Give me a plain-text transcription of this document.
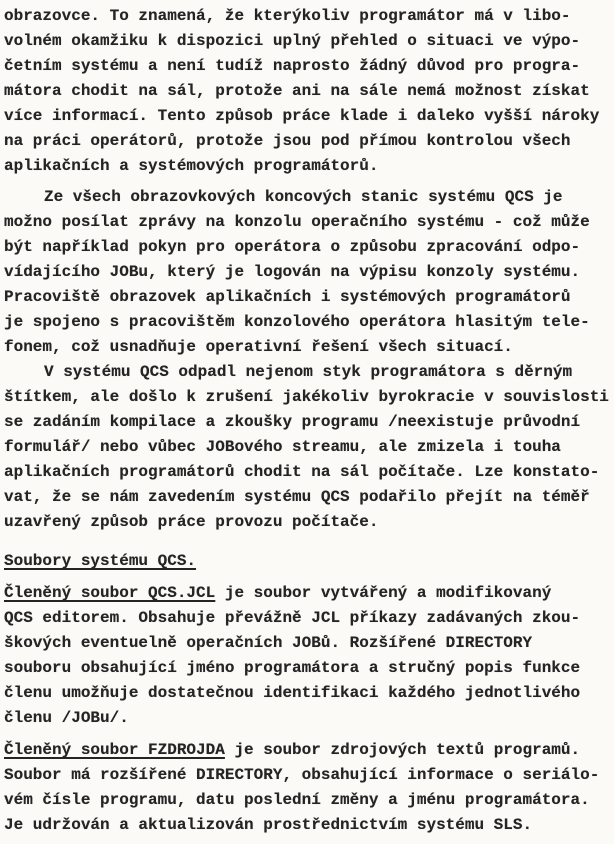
obrazovce. To znamená, že kterýkoliv programátor má v libo-
volném okamžiku k dispozici uplný přehled o situaci ve výpo-
četním systému a není tudíž naprosto žádný důvod pro progra-
mátora chodit na sál, protože ani na sále nemá možnost získat
více informací. Tento způsob práce klade i daleko vyšší nároky
na práci operátorů, protože jsou pod přímou kontrolou všech
aplikačních a systémových programátorů.
Ze všech obrazovkových koncových stanic systému QCS je
možno posílat zprávy na konzolu operačního systému - což může
být například pokyn pro operátora o způsobu zpracování odpo-
vídajícího JOBu, který je logován na výpisu konzoly systému.
Pracoviště obrazovek aplikačních i systémových programátorů
je spojeno s pracovištěm konzolového operátora hlasitým tele-
fonem, což usnadňuje operativní řešení všech situací.
V systému QCS odpadl nejenom styk programátora s děrným
štítkem, ale došlo k zrušení jakékoliv byrokracie v souvislosti
se zadáním kompilace a zkoušky programu /neexistuje průvodní
formulář/ nebo vůbec JOBového streamu, ale zmizela i touha
aplikačních programátorů chodit na sál počítače. Lze konstato-
vat, že se nám zavedením systému QCS podařilo přejít na téměř
uzavřený způsob práce provozu počítače.
Soubory systému QCS.
Členěný soubor QCS.JCL je soubor vytvářený a modifikovaný
QCS editorem. Obsahuje převážně JCL příkazy zadávaných zkou-
škových eventuelně operačních JOBů. Rozšířené DIRECTORY
souboru obsahující jméno programátora a stručný popis funkce
členu umožňuje dostatečnou identifikaci každého jednotlivého
členu /JOBu/.
Členěný soubor FZDROJDA je soubor zdrojových textů programů.
Soubor má rozšířené DIRECTORY, obsahující informace o seriálo-
vém čísle programu, datu poslední změny a jménu programátora.
Je udržován a aktualizován prostřednictvím systému SLS.
